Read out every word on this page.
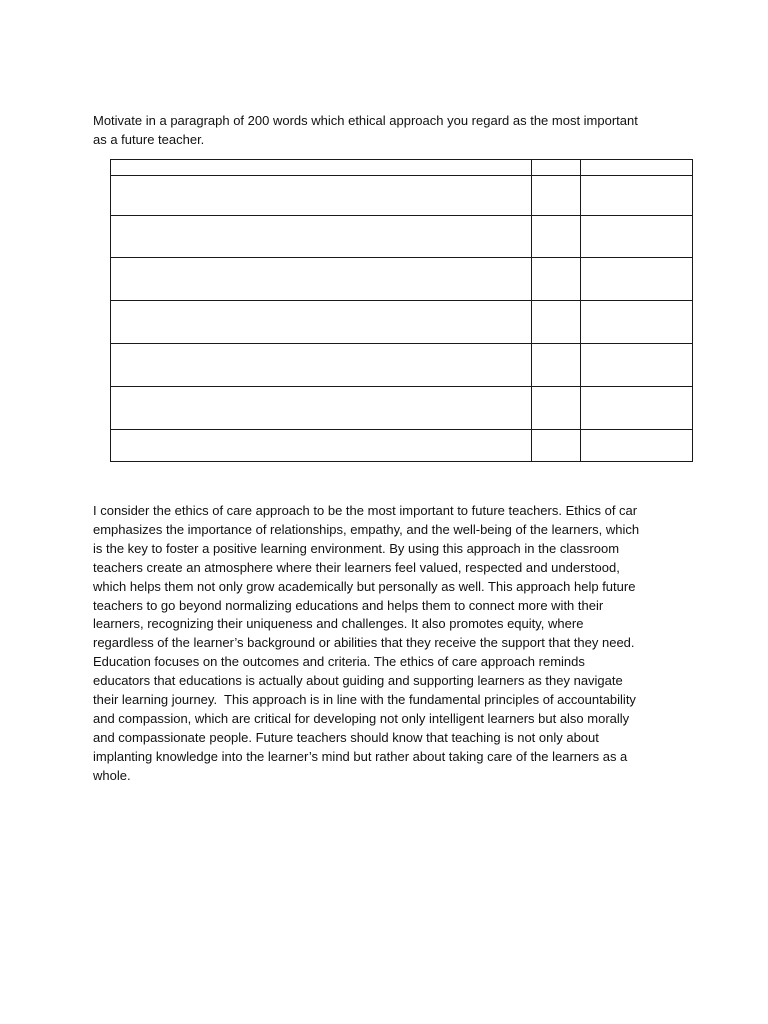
Motivate in a paragraph of 200 words which ethical approach you regard as the most important
as a future teacher.

I consider the ethics of care approach to be the most important to future teachers. Ethics of car
emphasizes the importance of relationships, empathy, and the well-being of the learners, which
is the key to foster a positive learning environment. By using this approach in the classroom
teachers create an atmosphere where their learners feel valued, respected and understood,
which helps them not only grow academically but personally as well. This approach help future
teachers to go beyond normalizing educations and helps them to connect more with their
learners, recognizing their uniqueness and challenges. It also promotes equity, where
regardless of the learner’s background or abilities that they receive the support that they need.
Education focuses on the outcomes and criteria. The ethics of care approach reminds
educators that educations is actually about guiding and supporting learners as they navigate
their learning journey.  This approach is in line with the fundamental principles of accountability
and compassion, which are critical for developing not only intelligent learners but also morally
and compassionate people. Future teachers should know that teaching is not only about
implanting knowledge into the learner’s mind but rather about taking care of the learners as a
whole.
